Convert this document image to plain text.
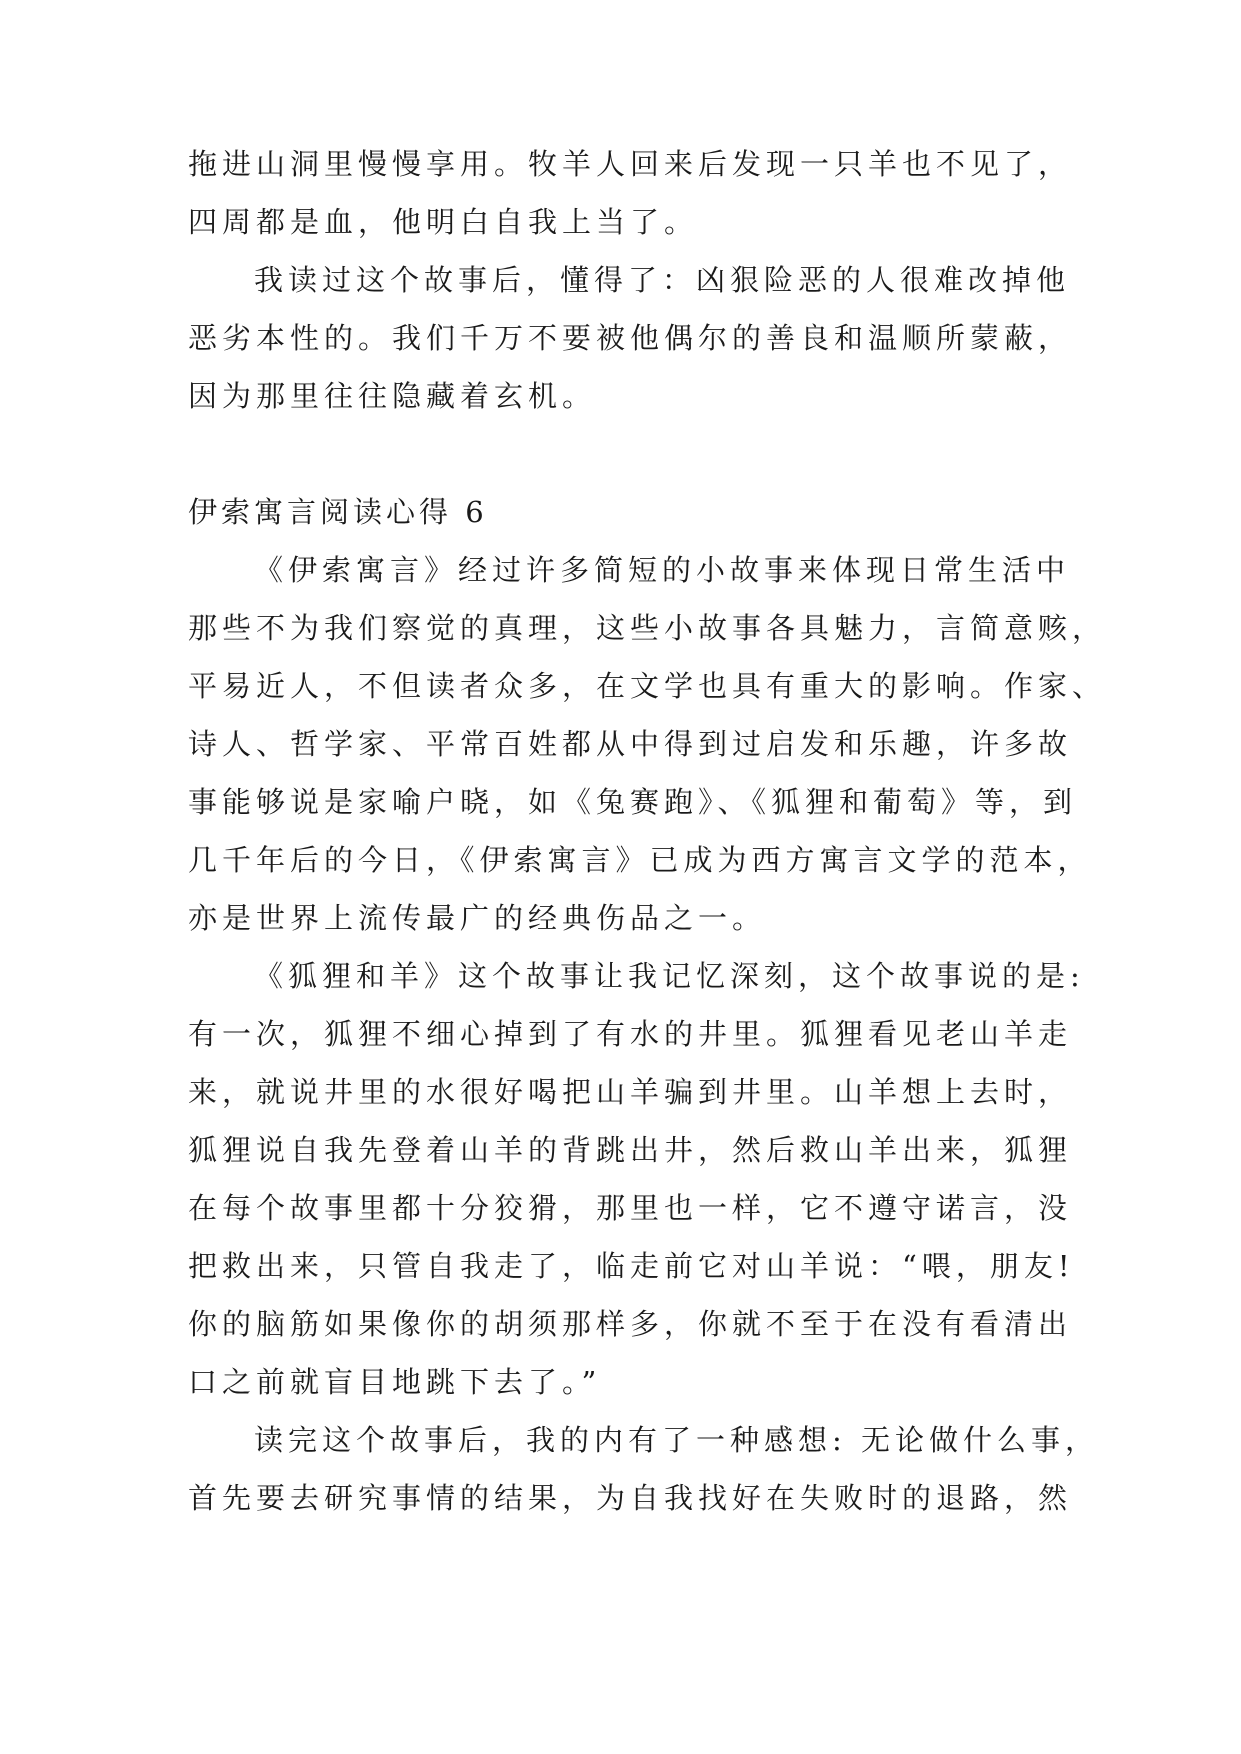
拖进山洞里慢慢享用。牧羊人回来后发现一只羊也不见了，
四周都是血，他明白自我上当了。
我读过这个故事后，懂得了：凶狠险恶的人很难改掉他
恶劣本性的。我们千万不要被他偶尔的善良和温顺所蒙蔽，
因为那里往往隐藏着玄机。
伊索寓言阅读心得 6
《伊索寓言》经过许多简短的小故事来体现日常生活中
那些不为我们察觉的真理，这些小故事各具魅力，言简意赅，
平易近人，不但读者众多，在文学也具有重大的影响。作家、
诗人、哲学家、平常百姓都从中得到过启发和乐趣，许多故
事能够说是家喻户晓，如《兔赛跑》、《狐狸和葡萄》等，到
几千年后的今日，《伊索寓言》已成为西方寓言文学的范本，
亦是世界上流传最广的经典伤品之一。
《狐狸和羊》这个故事让我记忆深刻，这个故事说的是:
有一次，狐狸不细心掉到了有水的井里。狐狸看见老山羊走
来，就说井里的水很好喝把山羊骗到井里。山羊想上去时，
狐狸说自我先登着山羊的背跳出井，然后救山羊出来，狐狸
在每个故事里都十分狡猾，那里也一样，它不遵守诺言，没
把救出来，只管自我走了，临走前它对山羊说：“喂，朋友!
你的脑筋如果像你的胡须那样多，你就不至于在没有看清出
口之前就盲目地跳下去了。”
读完这个故事后，我的内有了一种感想: 无论做什么事，
首先要去研究事情的结果，为自我找好在失败时的退路，然
